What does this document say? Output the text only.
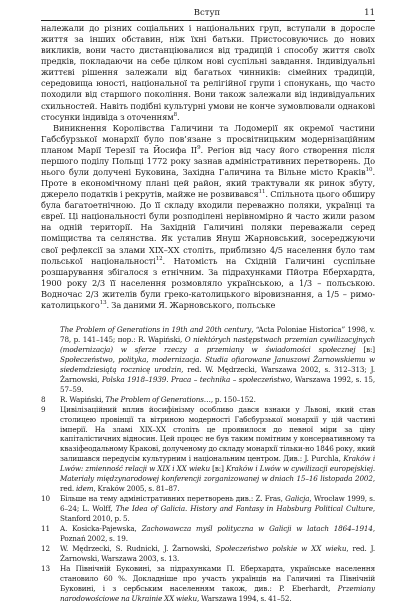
Вступ	11

належали до різних соціальних і національних груп, вступали в доросле життя за інших обставин, ніж їхні батьки. Пристосовуючись до нових викликів, вони часто дистанціювалися від традицій і способу життя своїх предків, покладаючи на себе цілком нові суспільні завдання. Індивідуальні життєві рішення залежали від багатьох чинників: сімейних традицій, середовища юності, національної та релігійної групи і спонукань, що часто походили від старшого покоління. Вони також залежали від індивідуальних схильностей. Навіть подібні культурні умови не конче зумовлювали однакові стосунки індивіда з оточенням$^8$.

Виникнення Королівства Галичини та Лодомерії як окремої частини Габсбурзької монархії було пов’язане з просвітницьким модернізаційним планом Марії Терезії та Йосифа $ІІ^9$. Регіон від часу його створення після першого поділу Польщі 1772 року зазнав адміністративних перетворень. До нього були долучені Буковина, Західна Галичина та Вільне місто Краків$^{10}$. Проте в економічному плані цей район, який трактували як ринок збуту, джерело податків і рекрутів, майже не розвивався$^{11}$. Спільнота цього обширу була багатоетнічною. До її складу входили переважно поляки, українці та євреї. Ці національності були розподілені нерівномірно й часто жили разом на одній території. На Західній Галичині поляки переважали серед поміщиства та селянства. Як усталив Януш Жарновський, зосереджуючи свої рефлексії за злами ХІХ–ХХ століть, приблизно 4/5 населення було там польської національності$^{12}$. Натомість на Східній Галичині суспільне розшарування збігалося з етнічним. За підрахунками Пйотра Еберхардта, 1900 року 2/3 її населення розмовляло українською, а 1/3 – польською. Водночас 2/3 жителів були греко-католицького віровизнання, а 1/5 – римо-католицького$^{13}$. За даними Я. Жарновського, польське

The Problem of Generations in 19th and 20th century, “Acta Poloniae Historica” 1998, v. 78, p. 141–145; пор.: R. Wapiński, O niektórych następstwach przemian cywilizacyjnych (modernizacja) w sferze rzeczy a przemiany w świadomości społecznej [в:] Społeczeństwo, polityka, modernizacja. Studia ofiarowane Januszowi Żarnowskiemu w siedemdziesiątą rocznicę urodzin, red. W. Mędrzecki, Warszawa 2002, s. 312–313; J. Żarnowski, Polska 1918–1939. Praca – technika – społeczeństwo, Warszawa 1992, s. 15, 57–59.

8	R. Wapiński, The Problem of Generations…, p. 150–152.

9	Цивілізаційний вплив йосифінізму особливо дався взнаки у Львові, який став столицею провінції та вітриною модерності Габсбурзької монархії у цій частині імперії. На зламі XIX–XX століть це проявилося до певної міри за ціну капіталістичних відносин. Цей процес не був таким помітним у консервативному та квазіфеодальному Кракові, долученому до складу монархії тільки-но 1846 року, який залишався передусім культурним і національним центром. Див.: J. Purchla, Kraków i Lwów: zmienność relacji w XIX i XX wieku [в:] Kraków i Lwów w cywilizacji europejskiej. Materiały międzynarodowej konferencji zorganizowanej w dniach 15–16 listopada 2002, red. idem, Kraków 2005, s. 81–87.

10	Більше на тему адміністративних перетворень див.: Z. Fras, Galicja, Wrocław 1999, s. 6–24; L. Wolff, The Idea of Galicia. History and Fantasy in Habsburg Political Culture, Stanford 2010, p. 5.

11	A. Kosicka-Pajewska, Zachowawcza myśl polityczna w Galicji w latach 1864–1914, Poznań 2002, s. 19.

12	W. Mędrzecki, S. Rudnicki, J. Żarnowski, Społeczeństwo polskie w XX wieku, red. J. Żarnowski, Warszawa 2003, s. 13.

13	На Північній Буковині, за підрахунками П. Еберхардта, українське населення становило 60 %. Докладніше про участь українців на Галичині та Північній Буковині, і з сербським населенням також, див.: P. Eberhardt, Przemiany narodowościowe na Ukrainie XX wieku, Warszawa 1994, s. 41–52.
